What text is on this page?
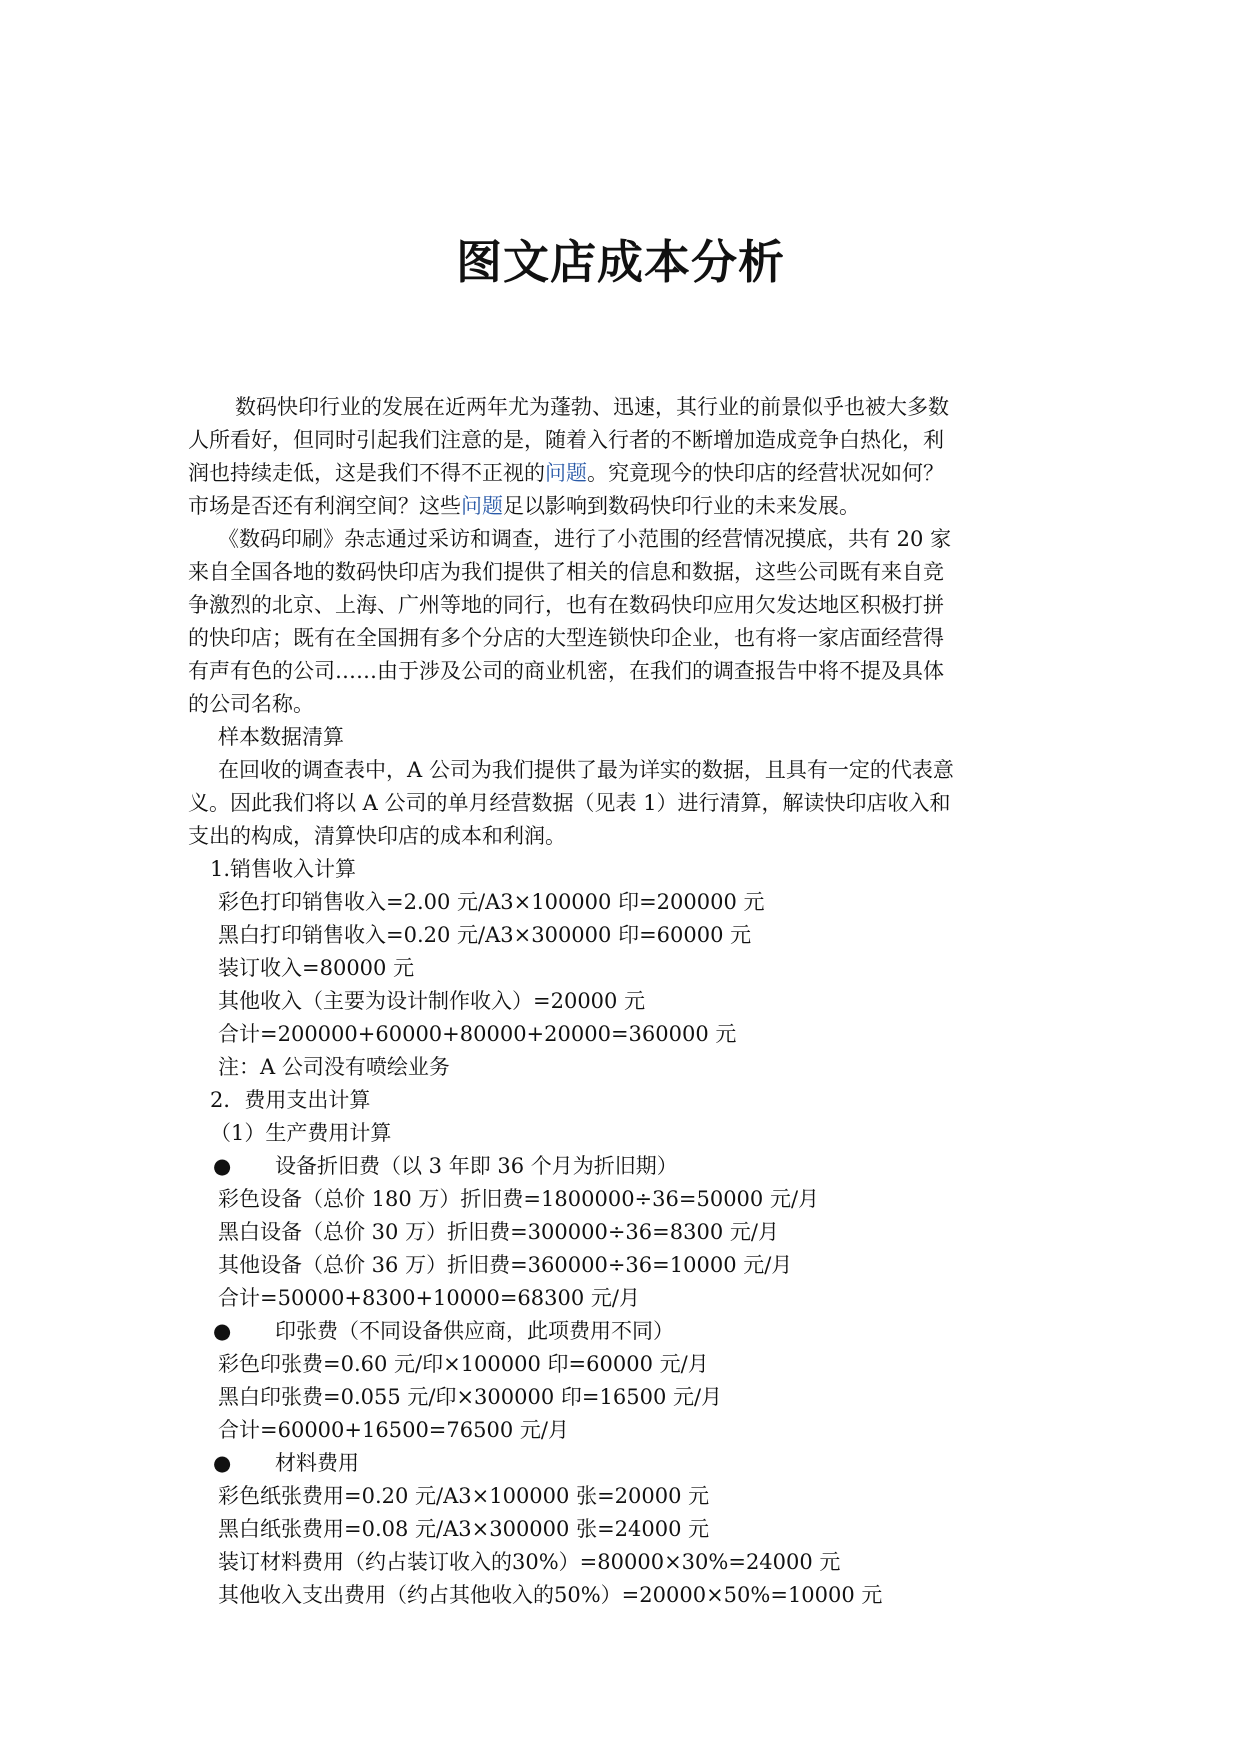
图文店成本分析
数码快印行业的发展在近两年尤为蓬勃、迅速，其行业的前景似乎也被大多数
人所看好，但同时引起我们注意的是，随着入行者的不断增加造成竞争白热化，利
润也持续走低，这是我们不得不正视的问题。究竟现今的快印店的经营状况如何？
市场是否还有利润空间？这些问题足以影响到数码快印行业的未来发展。
《数码印刷》杂志通过采访和调查，进行了小范围的经营情况摸底，共有 20 家
来自全国各地的数码快印店为我们提供了相关的信息和数据，这些公司既有来自竞
争激烈的北京、上海、广州等地的同行，也有在数码快印应用欠发达地区积极打拼
的快印店；既有在全国拥有多个分店的大型连锁快印企业，也有将一家店面经营得
有声有色的公司……由于涉及公司的商业机密，在我们的调查报告中将不提及具体
的公司名称。
样本数据清算
在回收的调查表中，A 公司为我们提供了最为详实的数据，且具有一定的代表意
义。因此我们将以 A 公司的单月经营数据（见表 1）进行清算，解读快印店收入和
支出的构成，清算快印店的成本和利润。
1.销售收入计算
彩色打印销售收入=2.00 元/A3×100000 印=200000 元
黑白打印销售收入=0.20 元/A3×300000 印=60000 元
装订收入=80000 元
其他收入（主要为设计制作收入）=20000 元
合计=200000+60000+80000+20000=360000 元
注：A 公司没有喷绘业务
2．费用支出计算
（1）生产费用计算
● 设备折旧费（以 3 年即 36 个月为折旧期）
彩色设备（总价 180 万）折旧费=1800000÷36=50000 元/月
黑白设备（总价 30 万）折旧费=300000÷36=8300 元/月
其他设备（总价 36 万）折旧费=360000÷36=10000 元/月
合计=50000+8300+10000=68300 元/月
● 印张费（不同设备供应商，此项费用不同）
彩色印张费=0.60 元/印×100000 印=60000 元/月
黑白印张费=0.055 元/印×300000 印=16500 元/月
合计=60000+16500=76500 元/月
● 材料费用
彩色纸张费用=0.20 元/A3×100000 张=20000 元
黑白纸张费用=0.08 元/A3×300000 张=24000 元
装订材料费用（约占装订收入的30%）=80000×30%=24000 元
其他收入支出费用（约占其他收入的50%）=20000×50%=10000 元
